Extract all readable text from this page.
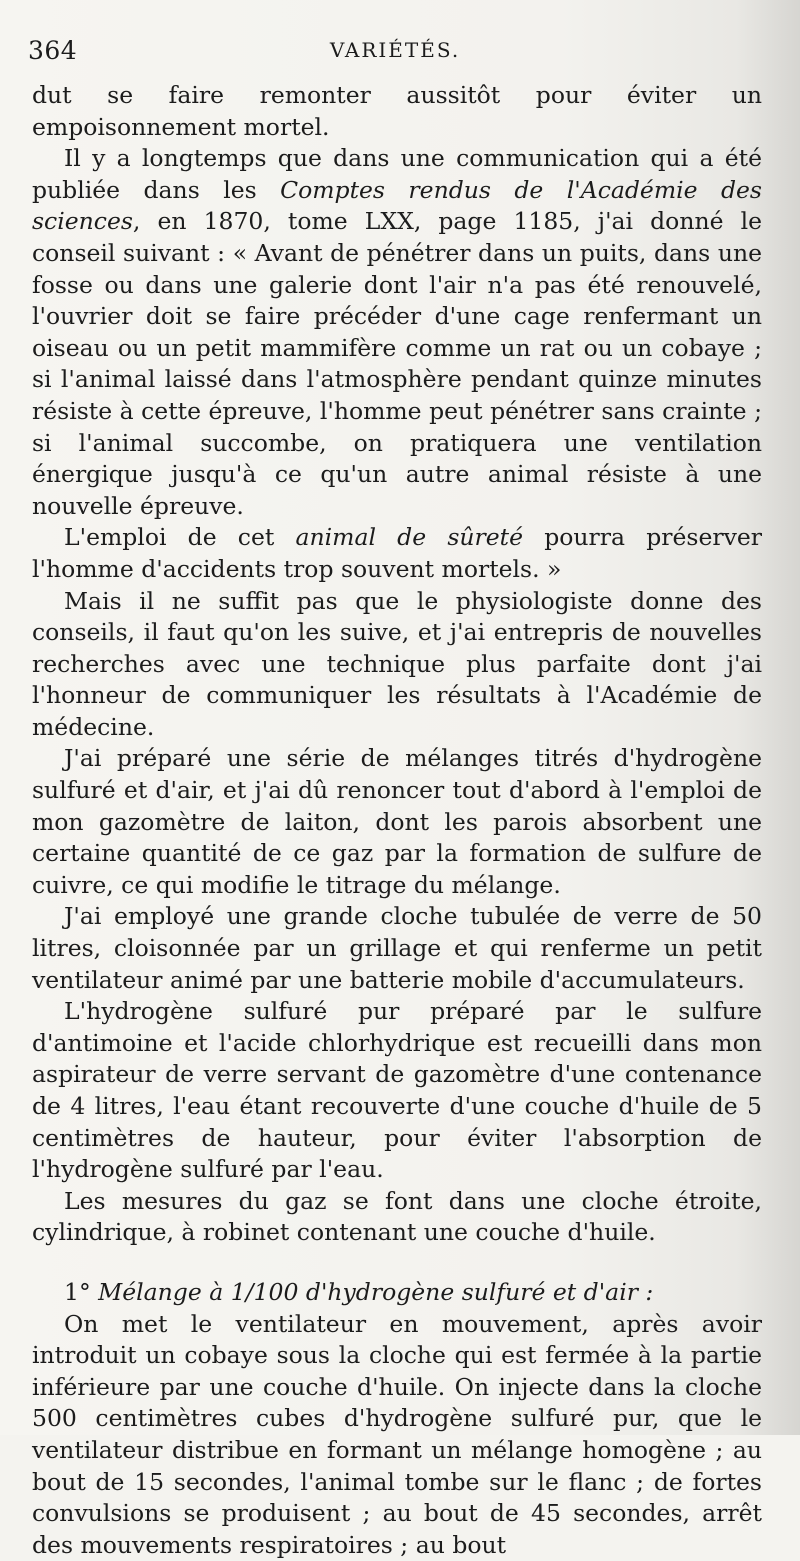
364	VARIÉTÉS.

dut se faire remonter aussitôt pour éviter un empoisonnement mortel.

Il y a longtemps que dans une communication qui a été publiée dans les Comptes rendus de l'Académie des sciences, en 1870, tome LXX, page 1185, j'ai donné le conseil suivant : « Avant de pénétrer dans un puits, dans une fosse ou dans une galerie dont l'air n'a pas été renouvelé, l'ouvrier doit se faire précéder d'une cage renfermant un oiseau ou un petit mammifère comme un rat ou un cobaye ; si l'animal laissé dans l'atmosphère pendant quinze minutes résiste à cette épreuve, l'homme peut pénétrer sans crainte ; si l'animal succombe, on pratiquera une ventilation énergique jusqu'à ce qu'un autre animal résiste à une nouvelle épreuve.

L'emploi de cet animal de sûreté pourra préserver l'homme d'accidents trop souvent mortels. »

Mais il ne suffit pas que le physiologiste donne des conseils, il faut qu'on les suive, et j'ai entrepris de nouvelles recherches avec une technique plus parfaite dont j'ai l'honneur de communiquer les résultats à l'Académie de médecine.

J'ai préparé une série de mélanges titrés d'hydrogène sulfuré et d'air, et j'ai dû renoncer tout d'abord à l'emploi de mon gazomètre de laiton, dont les parois absorbent une certaine quantité de ce gaz par la formation de sulfure de cuivre, ce qui modifie le titrage du mélange.

J'ai employé une grande cloche tubulée de verre de 50 litres, cloisonnée par un grillage et qui renferme un petit ventilateur animé par une batterie mobile d'accumulateurs.

L'hydrogène sulfuré pur préparé par le sulfure d'antimoine et l'acide chlorhydrique est recueilli dans mon aspirateur de verre servant de gazomètre d'une contenance de 4 litres, l'eau étant recouverte d'une couche d'huile de 5 centimètres de hauteur, pour éviter l'absorption de l'hydrogène sulfuré par l'eau.

Les mesures du gaz se font dans une cloche étroite, cylindrique, à robinet contenant une couche d'huile.

1° Mélange à 1/100 d'hydrogène sulfuré et d'air :

On met le ventilateur en mouvement, après avoir introduit un cobaye sous la cloche qui est fermée à la partie inférieure par une couche d'huile. On injecte dans la cloche 500 centimètres cubes d'hydrogène sulfuré pur, que le ventilateur distribue en formant un mélange homogène ; au bout de 15 secondes, l'animal tombe sur le flanc ; de fortes convulsions se produisent ; au bout de 45 secondes, arrêt des mouvements respiratoires ; au bout
